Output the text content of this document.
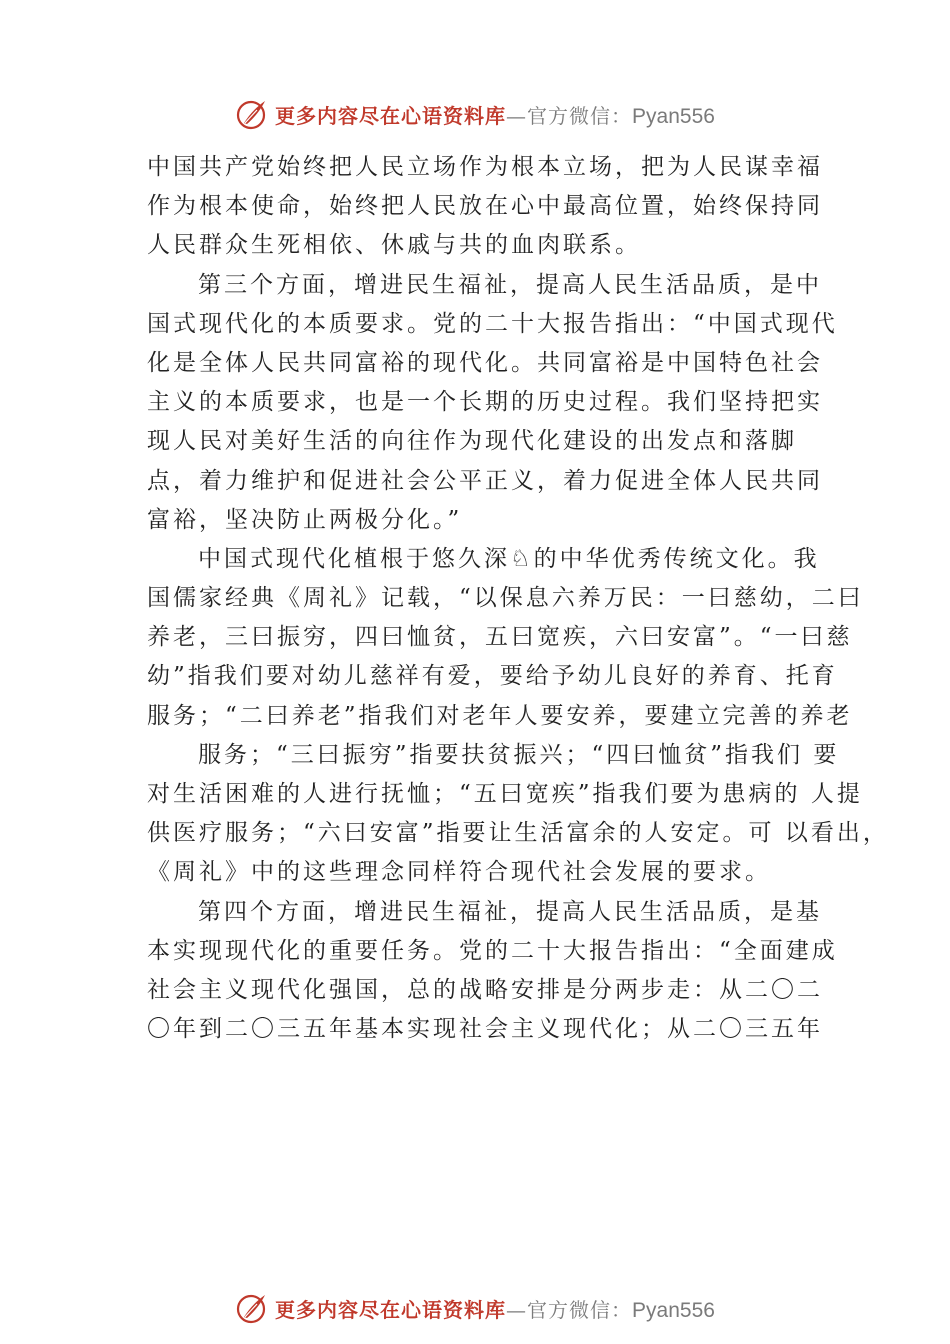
更多内容尽在心语资料库 — 官方微信： Pyan556
中国共产党始终把人民立场作为根本立场，把为人民谋幸福
作为根本使命，始终把人民放在心中最高位置，始终保持同
人民群众生死相依、休戚与共的血肉联系。
第三个方面，增进民生福祉，提高人民生活品质，是中
国式现代化的本质要求。党的二十大报告指出：“中国式现代
化是全体人民共同富裕的现代化。共同富裕是中国特色社会
主义的本质要求，也是一个长期的历史过程。我们坚持把实
现人民对美好生活的向往作为现代化建设的出发点和落脚
点，着力维护和促进社会公平正义，着力促进全体人民共同
富裕，坚决防止两极分化。”
中国式现代化植根于悠久深♘的中华优秀传统文化。我
国儒家经典《周礼》记载，“以保息六养万民：一曰慈幼，二曰
养老，三曰振穷，四曰恤贫，五曰宽疾，六曰安富”。“一曰慈
幼”指我们要对幼儿慈祥有爱，要给予幼儿良好的养育、托育
服务；“二曰养老”指我们对老年人要安养，要建立完善的养老
服务；“三曰振穷”指要扶贫振兴；“四曰恤贫”指我们 要
对生活困难的人进行抚恤；“五曰宽疾”指我们要为患病的 人提
供医疗服务；“六曰安富”指要让生活富余的人安定。可 以看出，
《周礼》中的这些理念同样符合现代社会发展的要求。
第四个方面，增进民生福祉，提高人民生活品质，是基
本实现现代化的重要任务。党的二十大报告指出：“全面建成
社会主义现代化强国，总的战略安排是分两步走：从二〇二
〇年到二〇三五年基本实现社会主义现代化；从二〇三五年
更多内容尽在心语资料库 — 官方微信： Pyan556
